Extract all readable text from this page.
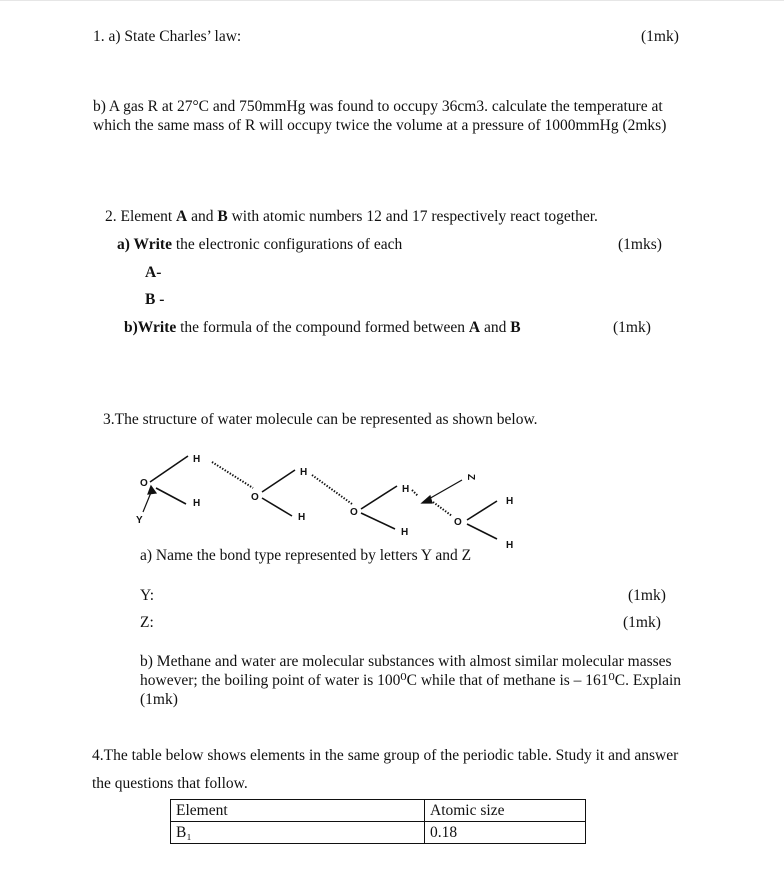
1. a) State Charles’ law:	(1mk)
b) A gas R at 27°C and 750mmHg was found to occupy 36cm3. calculate the temperature at which the same mass of R will occupy twice the volume at a pressure of 1000mmHg (2mks)
2. Element A and B with atomic numbers 12 and 17 respectively react together.
a) Write the electronic configurations of each	(1mks)
A-
B -
b)Write the formula of the compound formed between A and B	(1mk)
3.The structure of water molecule can be represented as shown below.
O
H
H
O
H
H	O
H
H
O
H
H
Y
Z
a) Name the bond type represented by letters Y and Z
Y:	(1mk)
Z:	(1mk)
b) Methane and water are molecular substances with almost similar molecular masses however; the boiling point of water is 100⁰C while that of methane is – 161⁰C. Explain (1mk)
4.The table below shows elements in the same group of the periodic table. Study it and answer
the questions that follow.
Element	Atomic size
B₁	0.18
